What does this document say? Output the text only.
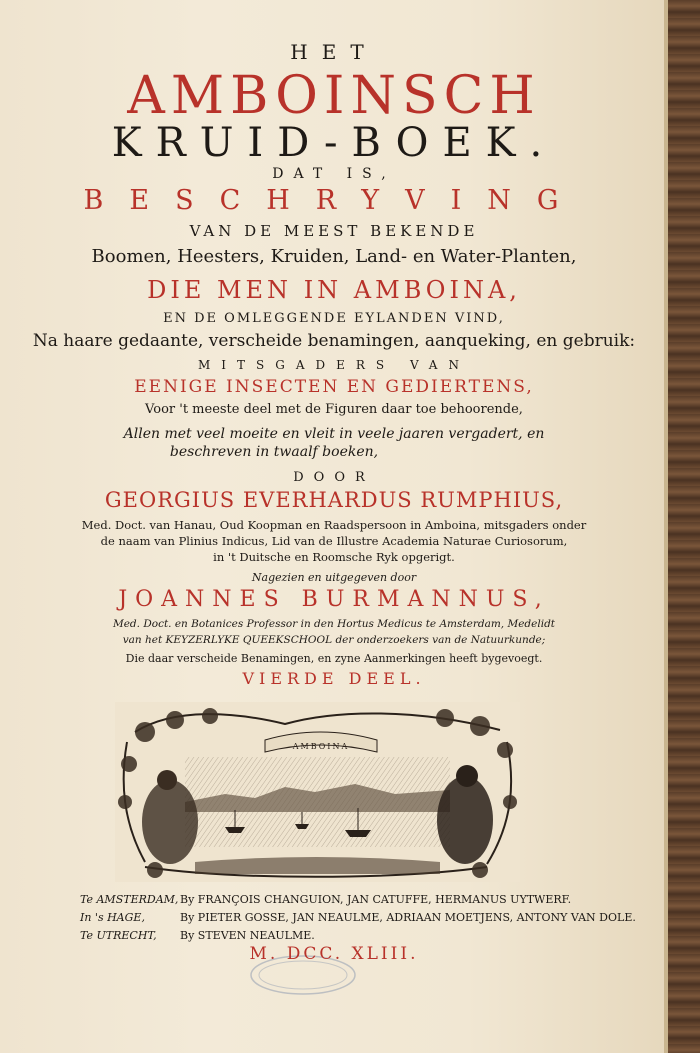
HET
AMBOINSCH
KRUID-BOEK.
DAT IS,
BESCHRYVING
VAN DE MEEST BEKENDE
Boomen, Heesters, Kruiden, Land- en Water-Planten,
DIE MEN IN AMBOINA,
EN DE OMLEGGENDE EYLANDEN VIND,
Na haare gedaante, verscheide benamingen, aanqueking, en gebruik:
MITSGADERS VAN
EENIGE INSECTEN EN GEDIERTENS,
Voor 't meeste deel met de Figuren daar toe behoorende,
Allen met veel moeite en vleit in veele jaaren vergadert, en
beschreven in twaalf boeken,
DOOR
GEORGIUS EVERHARDUS RUMPHIUS,
Med. Doct. van Hanau, Oud Koopman en Raadspersoon in Amboina, mitsgaders onder
de naam van Plinius Indicus, Lid van de Illustre Academia Naturae Curiosorum,
in 't Duitsche en Roomsche Ryk opgerigt.
Nagezien en uitgegeven door
JOANNES BURMANNUS,
Med. Doct. en Botanices Professor in den Hortus Medicus te Amsterdam, Medelidt
van het KEYZERLYKE QUEEKSCHOOL der onderzoekers van de Natuurkunde;
Die daar verscheide Benamingen, en zyne Aanmerkingen heeft bygevoegt.
VIERDE DEEL.
AMBOINA
Te AMSTERDAM, By FRANÇOIS CHANGUION, JAN CATUFFE, HERMANUS UYTWERF.
In 's HAGE,	By PIETER GOSSE, JAN NEAULME, ADRIAAN MOETJENS, ANTONY VAN DOLE.
Te UTRECHT, By STEVEN NEAULME.
M. DCC. XLIII.
